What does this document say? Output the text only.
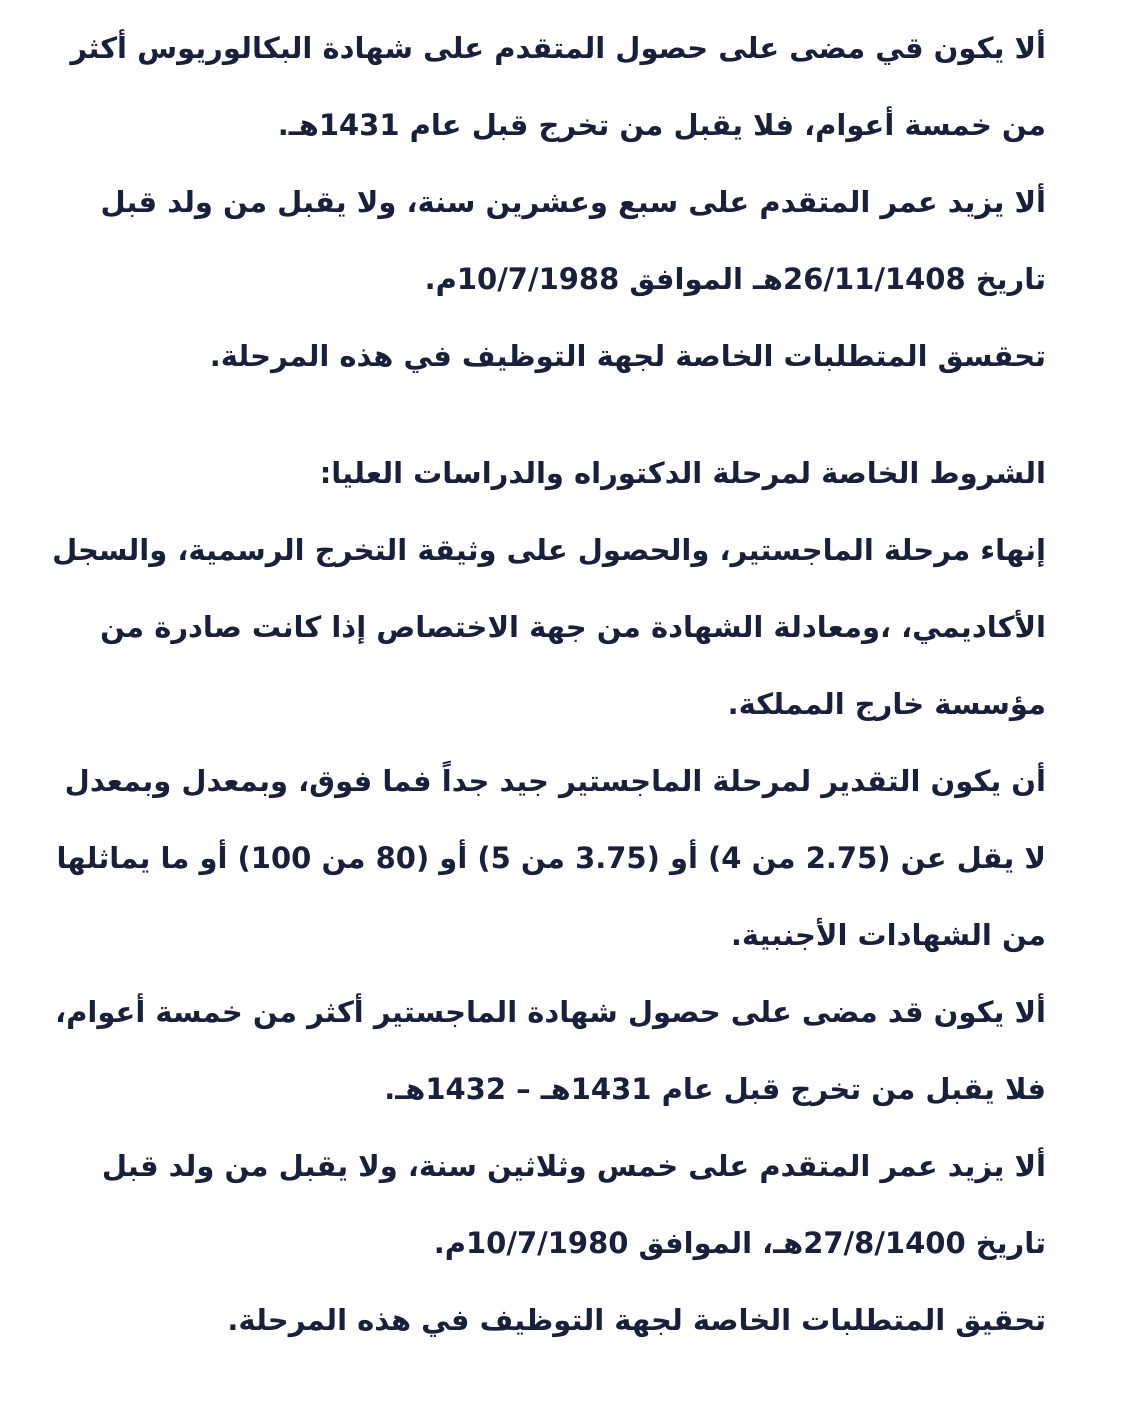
ألا يكون قي مضى على حصول المتقدم على شهادة البكالوريوس أكثر
من خمسة أعوام، فلا يقبل من تخرج قبل عام 1431هـ.
ألا يزيد عمر المتقدم على سبع وعشرين سنة، ولا يقبل من ولد قبل
تاريخ 26/11/1408هـ الموافق 10/7/1988م.
تحقسق المتطلبات الخاصة لجهة التوظيف في هذه المرحلة.
الشروط الخاصة لمرحلة الدكتوراه والدراسات العليا:
إنهاء مرحلة الماجستير، والحصول على وثيقة التخرج الرسمية، والسجل
الأكاديمي، ،ومعادلة الشهادة من جهة الاختصاص إذا كانت صادرة من
مؤسسة خارج المملكة.
أن يكون التقدير لمرحلة الماجستير جيد جداً فما فوق، وبمعدل وبمعدل
لا يقل عن (2.75 من 4) أو (3.75 من 5) أو (80 من 100) أو ما يماثلها
من الشهادات الأجنبية.
ألا يكون قد مضى على حصول شهادة الماجستير أكثر من خمسة أعوام،
فلا يقبل من تخرج قبل عام 1431هـ – 1432هـ.
ألا يزيد عمر المتقدم على خمس وثلاثين سنة، ولا يقبل من ولد قبل
تاريخ 27/8/1400هـ، الموافق 10/7/1980م.
تحقيق المتطلبات الخاصة لجهة التوظيف في هذه المرحلة.
